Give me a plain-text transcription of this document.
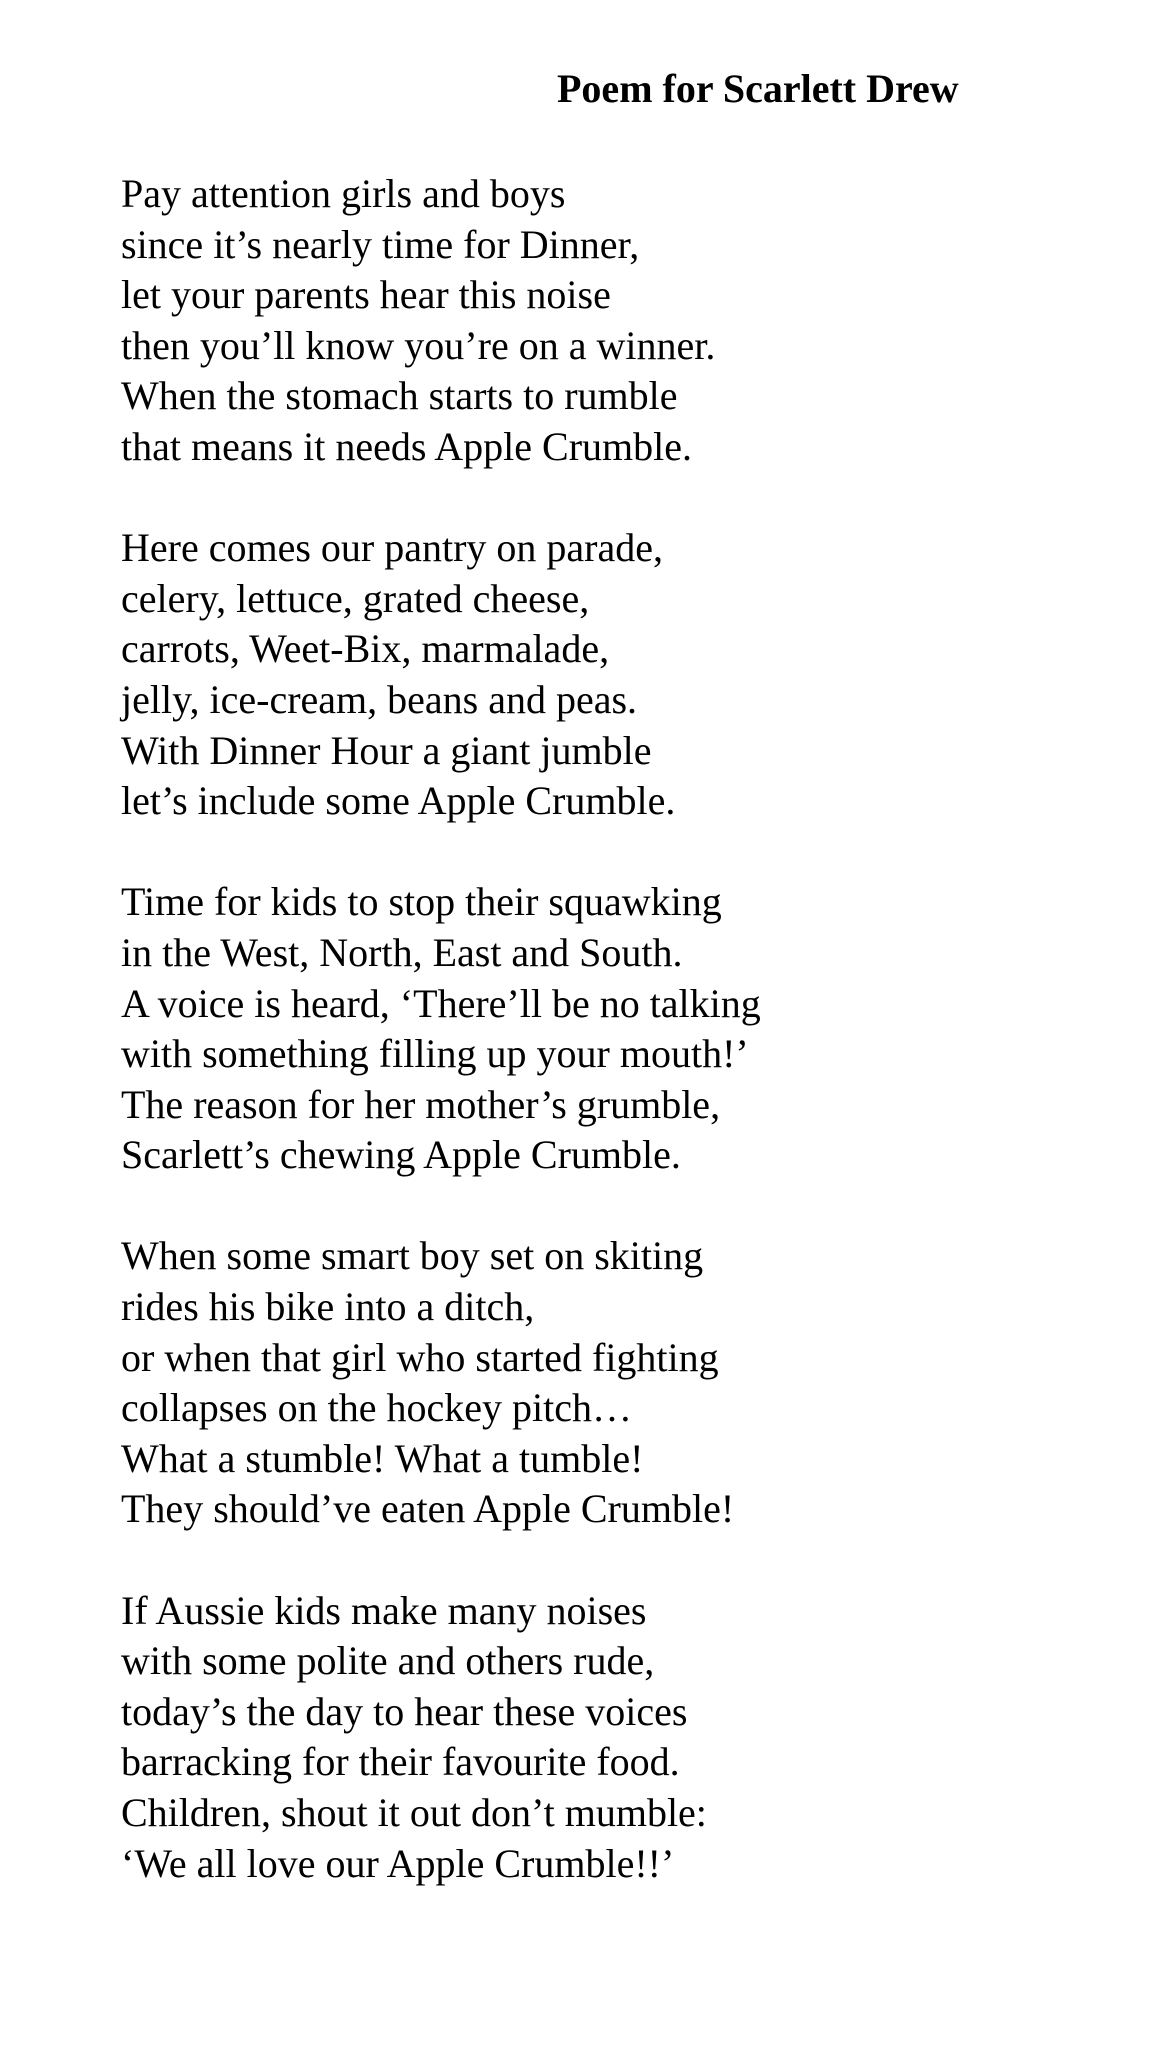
Poem for Scarlett Drew
Pay attention girls and boys
since it’s nearly time for Dinner,
let your parents hear this noise
then you’ll know you’re on a winner.
When the stomach starts to rumble
that means it needs Apple Crumble.
Here comes our pantry on parade,
celery, lettuce, grated cheese,
carrots, Weet-Bix, marmalade,
jelly, ice-cream, beans and peas.
With Dinner Hour a giant jumble
let’s include some Apple Crumble.
Time for kids to stop their squawking
in the West, North, East and South.
A voice is heard, ‘There’ll be no talking
with something filling up your mouth!’
The reason for her mother’s grumble,
Scarlett’s chewing Apple Crumble.
When some smart boy set on skiting
rides his bike into a ditch,
or when that girl who started fighting
collapses on the hockey pitch…
What a stumble! What a tumble!
They should’ve eaten Apple Crumble!
If Aussie kids make many noises
with some polite and others rude,
today’s the day to hear these voices
barracking for their favourite food.
Children, shout it out don’t mumble:
‘We all love our Apple Crumble!!’
